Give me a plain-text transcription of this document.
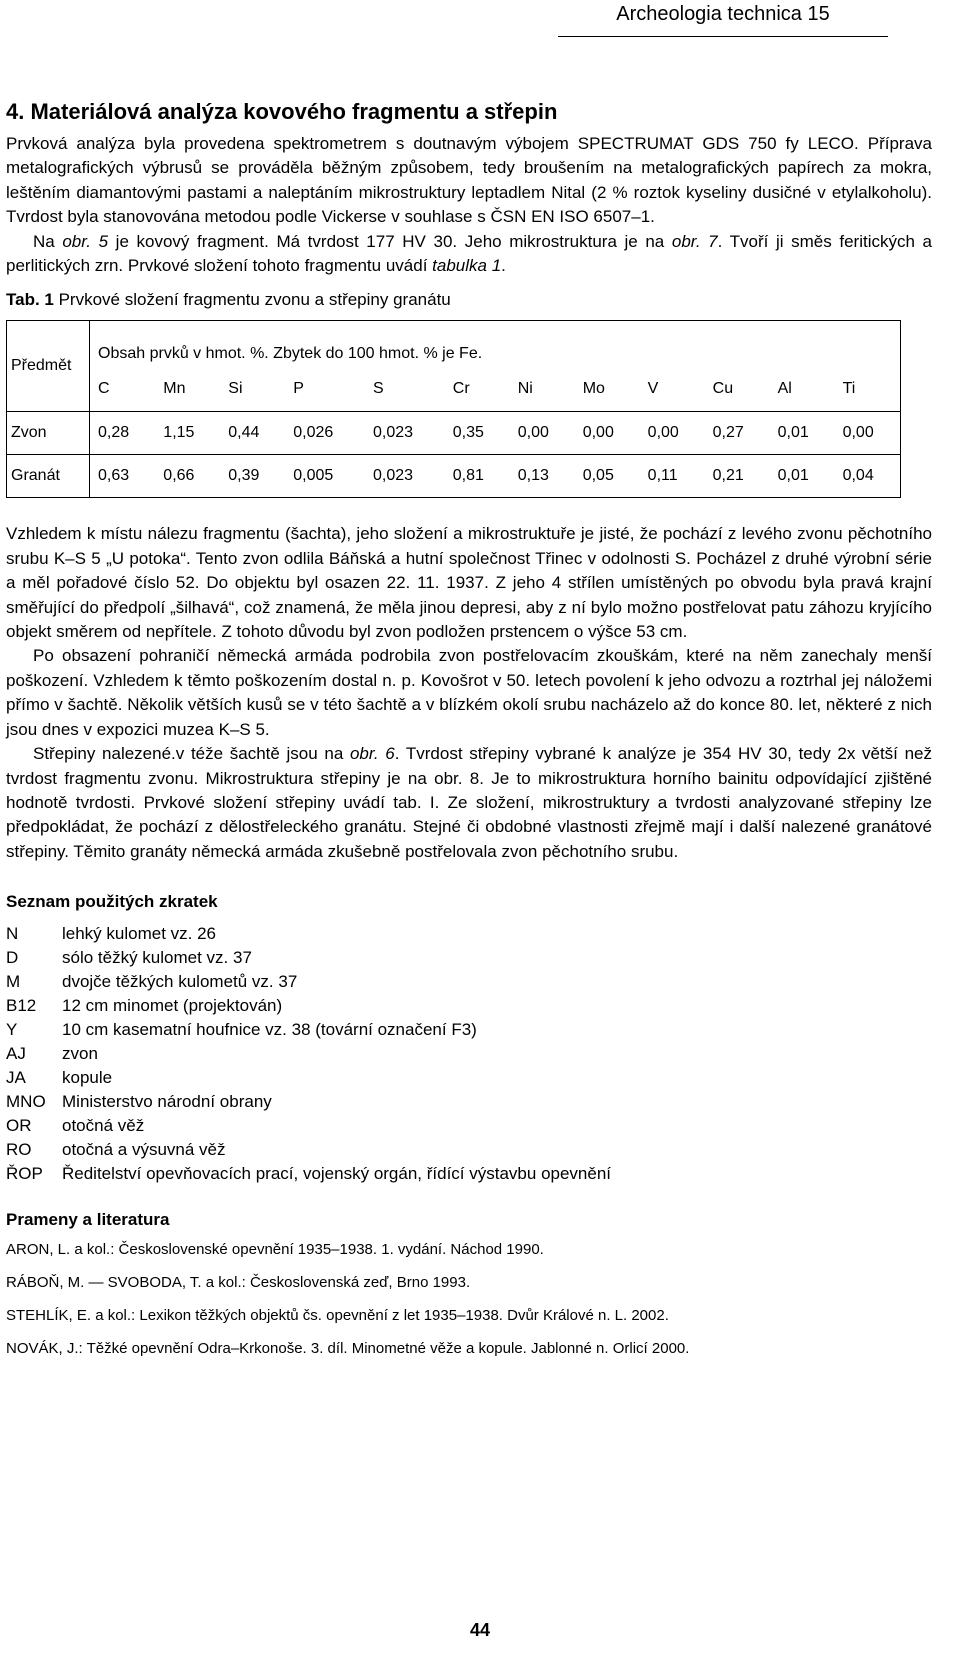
Archeologia technica 15
4. Materiálová analýza kovového fragmentu a střepin

Prvková analýza byla provedena spektrometrem s doutnavým výbojem SPECTRUMAT GDS 750 fy LECO. Příprava metalografických výbrusů se prováděla běžným způsobem, tedy broušením na metalografických papírech za mokra, leštěním diamantovými pastami a naleptáním mikrostruktury leptadlem Nital (2 % roztok kyseliny dusičné v etylalkoholu). Tvrdost byla stanovována metodou podle Vickerse v souhlase s ČSN EN ISO 6507–1.

Na obr. 5 je kovový fragment. Má tvrdost 177 HV 30. Jeho mikrostruktura je na obr. 7. Tvoří ji směs feritických a perlitických zrn. Prvkové složení tohoto fragmentu uvádí tabulka 1.

Tab. 1 Prvkové složení fragmentu zvonu a střepiny granátu
Předmět	Obsah prvků v hmot. %. Zbytek do 100 hmot. % je Fe.											
	C	Mn	Si	P	S	Cr	Ni	Mo	V	Cu	Al	Ti
Zvon	0,28	1,15	0,44	0,026	0,023	0,35	0,00	0,00	0,00	0,27	0,01	0,00
Granát	0,63	0,66	0,39	0,005	0,023	0,81	0,13	0,05	0,11	0,21	0,01	0,04

Vzhledem k místu nálezu fragmentu (šachta), jeho složení a mikrostruktuře je jisté, že pochází z levého zvonu pěchotního srubu K–S 5 „U potoka“. Tento zvon odlila Báňská a hutní společnost Třinec v odolnosti S. Pocházel z druhé výrobní série a měl pořadové číslo 52. Do objektu byl osazen 22. 11. 1937. Z jeho 4 střílen umístěných po obvodu byla pravá krajní směřující do předpolí „šilhavá“, což znamená, že měla jinou depresi, aby z ní bylo možno postřelovat patu záhozu kryjícího objekt směrem od nepřítele. Z tohoto důvodu byl zvon podložen prstencem o výšce 53 cm.

Po obsazení pohraničí německá armáda podrobila zvon postřelovacím zkouškám, které na něm zanechaly menší poškození. Vzhledem k těmto poškozením dostal n. p. Kovošrot v 50. letech povolení k jeho odvozu a roztrhal jej náložemi přímo v šachtě. Několik větších kusů se v této šachtě a v blízkém okolí srubu nacházelo až do konce 80. let, některé z nich jsou dnes v expozici muzea K–S 5.

Střepiny nalezené.v téže šachtě jsou na obr. 6. Tvrdost střepiny vybrané k analýze je 354 HV 30, tedy 2x větší než tvrdost fragmentu zvonu. Mikrostruktura střepiny je na obr. 8. Je to mikrostruktura horního bainitu odpovídající zjištěné hodnotě tvrdosti. Prvkové složení střepiny uvádí tab. I. Ze složení, mikrostruktury a tvrdosti analyzované střepiny lze předpokládat, že pochází z dělostřeleckého granátu. Stejné či obdobné vlastnosti zřejmě mají i další nalezené granátové střepiny. Těmito granáty německá armáda zkušebně postřelovala zvon pěchotního srubu.

Seznam použitých zkratek
N	lehký kulomet vz. 26
D	sólo těžký kulomet vz. 37
M	dvojče těžkých kulometů vz. 37
B12	12 cm minomet (projektován)
Y	10 cm kasematní houfnice vz. 38 (tovární označení F3)
AJ	zvon
JA	kopule
MNO Ministerstvo národní obrany
OR	otočná věž
RO	otočná a výsuvná věž
ŘOP	Ředitelství opevňovacích prací, vojenský orgán, řídící výstavbu opevnění
Prameny a literatura
ARON, L. a kol.: Československé opevnění 1935–1938. 1. vydání. Náchod 1990.
RÁBOŇ, M. — SVOBODA, T. a kol.: Československá zeď, Brno 1993.
STEHLÍK, E. a kol.: Lexikon těžkých objektů čs. opevnění z let 1935–1938. Dvůr Králové n. L. 2002.
NOVÁK, J.: Těžké opevnění Odra–Krkonoše. 3. díl. Minometné věže a kopule. Jablonné n. Orlicí 2000.
44
